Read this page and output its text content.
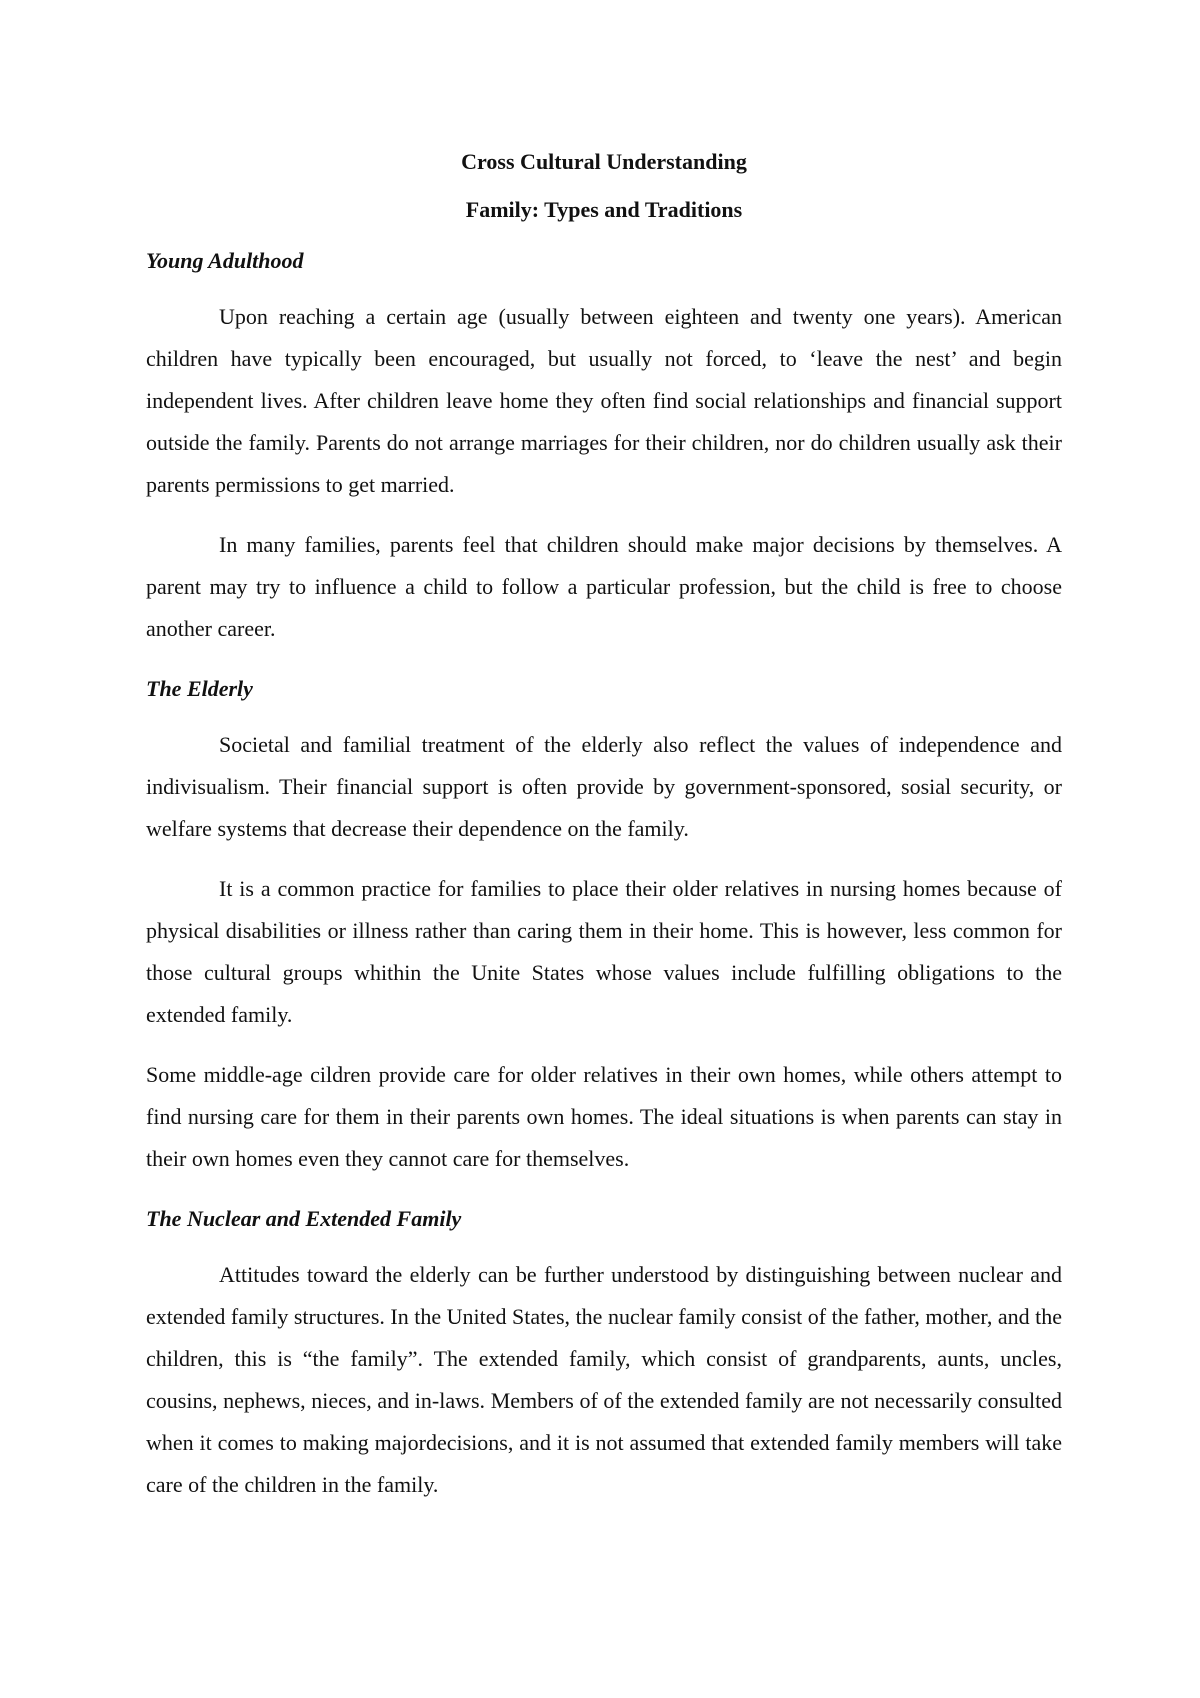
Cross Cultural Understanding

Family: Types and Traditions

Young Adulthood

Upon reaching a certain age (usually between eighteen and twenty one years). American children have typically been encouraged, but usually not forced, to ‘leave the nest’ and begin independent lives. After children leave home they often find social relationships and financial support outside the family. Parents do not arrange marriages for their children, nor do children usually ask their parents permissions to get married.

In many families, parents feel that children should make major decisions by themselves. A parent may try to influence a child to follow a particular profession, but the child is free to choose another career.

The Elderly

Societal and familial treatment of the elderly also reflect the values of independence and indivisualism. Their financial support is often provide by government-sponsored, sosial security, or welfare systems that decrease their dependence on the family.

It is a common practice for families to place their older relatives in nursing homes because of physical disabilities or illness rather than caring them in their home. This is however, less common for those cultural groups whithin the Unite States whose values include fulfilling obligations to the extended family.

Some middle-age cildren provide care for older relatives in their own homes, while others attempt to find nursing care for them in their parents own homes. The ideal situations is when parents can stay in their own homes even they cannot care for themselves.

The Nuclear and Extended Family

Attitudes toward the elderly can be further understood by distinguishing between nuclear and extended family structures. In the United States, the nuclear family consist of the father, mother, and the children, this is “the family”. The extended family, which consist of grandparents, aunts, uncles, cousins, nephews, nieces, and in-laws. Members of of the extended family are not necessarily consulted when it comes to making majordecisions, and it is not assumed that extended family members will take care of the children in the family.
